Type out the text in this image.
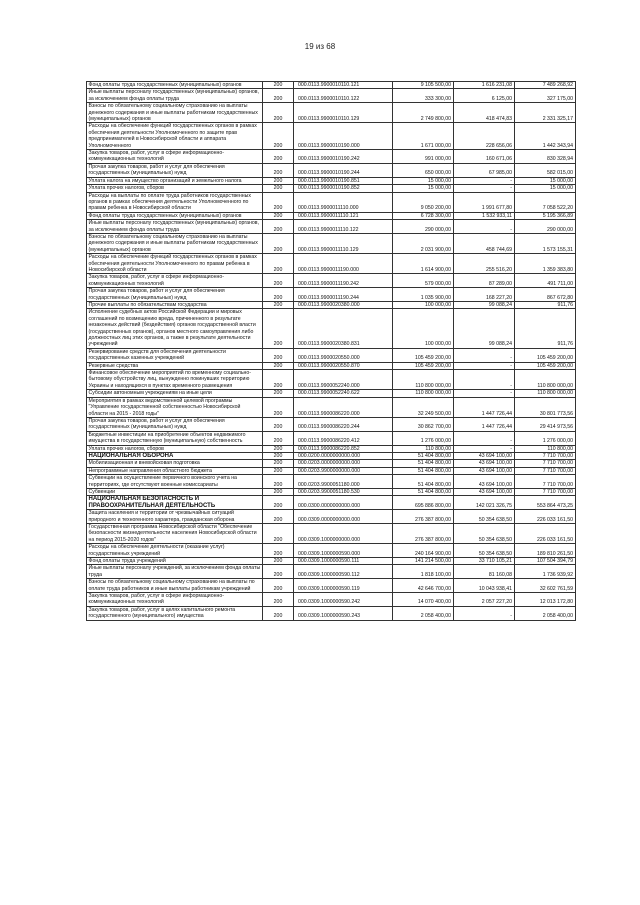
19 из 68
Фонд оплаты труда государственных (муниципальных) органов	200	000.0113.9900010110.121	9 105 500,00	1 616 231,08	7 489 268,92
Иные выплаты персоналу государственных (муниципальных) органов, за исключением фонда оплаты труда	200	000.0113.9900010110.122	333 300,00	6 125,00	327 175,00
Взносы по обязательному социальному страхованию на выплаты денежного содержания и иные выплаты работникам государственных (муниципальных) органов	200	000.0113.9900010110.129	2 749 800,00	418 474,83	2 331 325,17
Расходы на обеспечение функций государственных органов в рамках обеспечения деятельности Уполномоченного по защите прав предпринимателей в Новосибирской области и аппарата Уполномоченного	200	000.0113.9900010190.000	1 671 000,00	228 656,06	1 442 343,94
Закупка товаров, работ, услуг в сфере информационно-коммуникационных технологий	200	000.0113.9900010190.242	991 000,00	160 671,06	830 328,94
Прочая закупка товаров, работ и услуг для обеспечения государственных (муниципальных) нужд	200	000.0113.9900010190.244	650 000,00	67 985,00	582 015,00
Уплата налога на имущество организаций и земельного налога	200	000.0113.9900010190.851	15 000,00	-	15 000,00
Уплата прочих налогов, сборов	200	000.0113.9900010190.852	15 000,00	-	15 000,00
Расходы на выплаты по оплате труда работников государственных органов в рамках обеспечения деятельности Уполномоченного по правам ребенка в Новосибирской области	200	000.0113.9900011110.000	9 050 200,00	1 991 677,80	7 058 522,20
Фонд оплаты труда государственных (муниципальных) органов	200	000.0113.9900011110.121	6 728 300,00	1 532 933,11	5 195 366,89
Иные выплаты персоналу государственных (муниципальных) органов, за исключением фонда оплаты труда	200	000.0113.9900011110.122	290 000,00	-	290 000,00
Взносы по обязательному социальному страхованию на выплаты денежного содержания и иные выплаты работникам государственных (муниципальных) органов	200	000.0113.9900011110.129	2 031 900,00	458 744,69	1 573 155,31
Расходы на обеспечение функций государственных органов в рамках обеспечения деятельности Уполномоченного по правам ребенка в Новосибирской области	200	000.0113.9900011190.000	1 614 900,00	255 516,20	1 359 383,80
Закупка товаров, работ, услуг в сфере информационно-коммуникационных технологий	200	000.0113.9900011190.242	579 000,00	87 289,00	491 711,00
Прочая закупка товаров, работ и услуг для обеспечения государственных (муниципальных) нужд	200	000.0113.9900011190.244	1 035 900,00	168 227,20	867 672,80
Прочие выплаты по обязательствам государства	200	000.0113.9900020380.000	100 000,00	99 088,24	911,76
Исполнение судебных актов Российской Федерации и мировых соглашений по возмещению вреда, причиненного в результате незаконных действий (бездействия) органов государственной власти (государственных органов), органов местного самоуправления либо должностных лиц этих органов, а также в результате деятельности учреждений	200	000.0113.9900020380.831	100 000,00	99 088,24	911,76
Резервирование средств для обеспечения деятельности государственных казенных учреждений	200	000.0113.9900020550.000	105 459 200,00	-	105 459 200,00
Резервные средства	200	000.0113.9900020550.870	105 459 200,00	-	105 459 200,00
Финансовое обеспечение мероприятий по временному социально-бытовому обустройству лиц, вынужденно покинувших территорию Украины и находящихся в пунктах временного размещения	200	000.0113.9900052240.000	110 800 000,00	-	110 800 000,00
Субсидии автономным учреждениям на иные цели	200	000.0113.9900052240.622	110 800 000,00	-	110 800 000,00
Мероприятия в рамках ведомственной целевой программы "Управление государственной собственностью Новосибирской области на 2015 - 2018 годы"	200	000.0113.9900086220.000	32 249 500,00	1 447 726,44	30 801 773,56
Прочая закупка товаров, работ и услуг для обеспечения государственных (муниципальных) нужд	200	000.0113.9900086220.244	30 862 700,00	1 447 726,44	29 414 973,56
Бюджетные инвестиции на приобретение объектов недвижимого имущества в государственную (муниципальную) собственность	200	000.0113.9900086220.412	1 276 000,00	-	1 276 000,00
Уплата прочих налогов, сборов	200	000.0113.9900086220.852	110 800,00	-	110 800,00
НАЦИОНАЛЬНАЯ ОБОРОНА	200	000.0200.0000000000.000	51 404 800,00	43 694 100,00	7 710 700,00
Мобилизационная и вневойсковая подготовка	200	000.0203.0000000000.000	51 404 800,00	43 694 100,00	7 710 700,00
Непрограммные направления областного бюджета	200	000.0203.9900000000.000	51 404 800,00	43 694 100,00	7 710 700,00
Субвенции на осуществление первичного воинского учета на территориях, где отсутствуют военные комиссариаты	200	000.0203.9900051180.000	51 404 800,00	43 694 100,00	7 710 700,00
Субвенции	200	000.0203.9900051180.530	51 404 800,00	43 694 100,00	7 710 700,00
НАЦИОНАЛЬНАЯ БЕЗОПАСНОСТЬ И ПРАВООХРАНИТЕЛЬНАЯ ДЕЯТЕЛЬНОСТЬ	200	000.0300.0000000000.000	695 886 800,00	142 021 326,75	553 864 473,25
Защита населения и территории от чрезвычайных ситуаций природного и техногенного характера, гражданская оборона	200	000.0309.0000000000.000	276 387 800,00	50 354 638,50	226 033 161,50
Государственная программа Новосибирской области "Обеспечение безопасности жизнедеятельности населения Новосибирской области на период 2015-2020 годов"	200	000.0309.1000000000.000	276 387 800,00	50 354 638,50	226 033 161,50
Расходы на обеспечение деятельности (оказание услуг) государственных учреждений	200	000.0309.1000000590.000	240 164 900,00	50 354 638,50	189 810 261,50
Фонд оплаты труда учреждений	200	000.0309.1000000590.111	141 214 500,00	33 710 105,21	107 504 394,79
Иные выплаты персоналу учреждений, за исключением фонда оплаты труда	200	000.0309.1000000590.112	1 818 100,00	81 160,08	1 736 939,92
Взносы по обязательному социальному страхованию на выплаты по оплате труда работников и иные выплаты работникам учреждений	200	000.0309.1000000590.119	42 646 700,00	10 043 938,41	32 602 761,59
Закупка товаров, работ, услуг в сфере информационно-коммуникационных технологий	200	000.0309.1000000590.242	14 070 400,00	2 057 227,20	12 013 172,80
Закупка товаров, работ, услуг в целях капитального ремонта государственного (муниципального) имущества	200	000.0309.1000000590.243	2 058 400,00	-	2 058 400,00
